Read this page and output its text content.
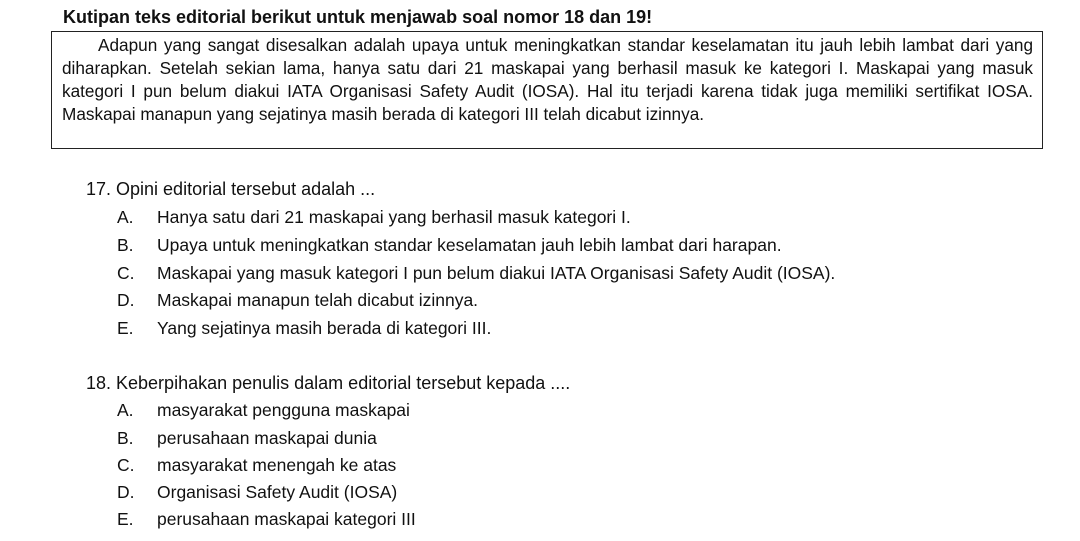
Kutipan teks editorial berikut untuk menjawab soal nomor 18 dan 19!
Adapun yang sangat disesalkan adalah upaya untuk meningkatkan standar keselamatan itu jauh lebih lambat dari yang diharapkan. Setelah sekian lama, hanya satu dari 21 maskapai yang berhasil masuk ke kategori I. Maskapai yang masuk kategori I pun belum diakui IATA Organisasi Safety Audit (IOSA). Hal itu terjadi karena tidak juga memiliki sertifikat IOSA. Maskapai manapun yang sejatinya masih berada di kategori III telah dicabut izinnya.
17. Opini editorial tersebut adalah ...
A. Hanya satu dari 21 maskapai yang berhasil masuk kategori I.
B. Upaya untuk meningkatkan standar keselamatan jauh lebih lambat dari harapan.
C. Maskapai yang masuk kategori I pun belum diakui IATA Organisasi Safety Audit (IOSA).
D. Maskapai manapun telah dicabut izinnya.
E. Yang sejatinya masih berada di kategori III.
18. Keberpihakan penulis dalam editorial tersebut kepada ....
A. masyarakat pengguna maskapai
B. perusahaan maskapai dunia
C. masyarakat menengah ke atas
D. Organisasi Safety Audit (IOSA)
E. perusahaan maskapai kategori III
